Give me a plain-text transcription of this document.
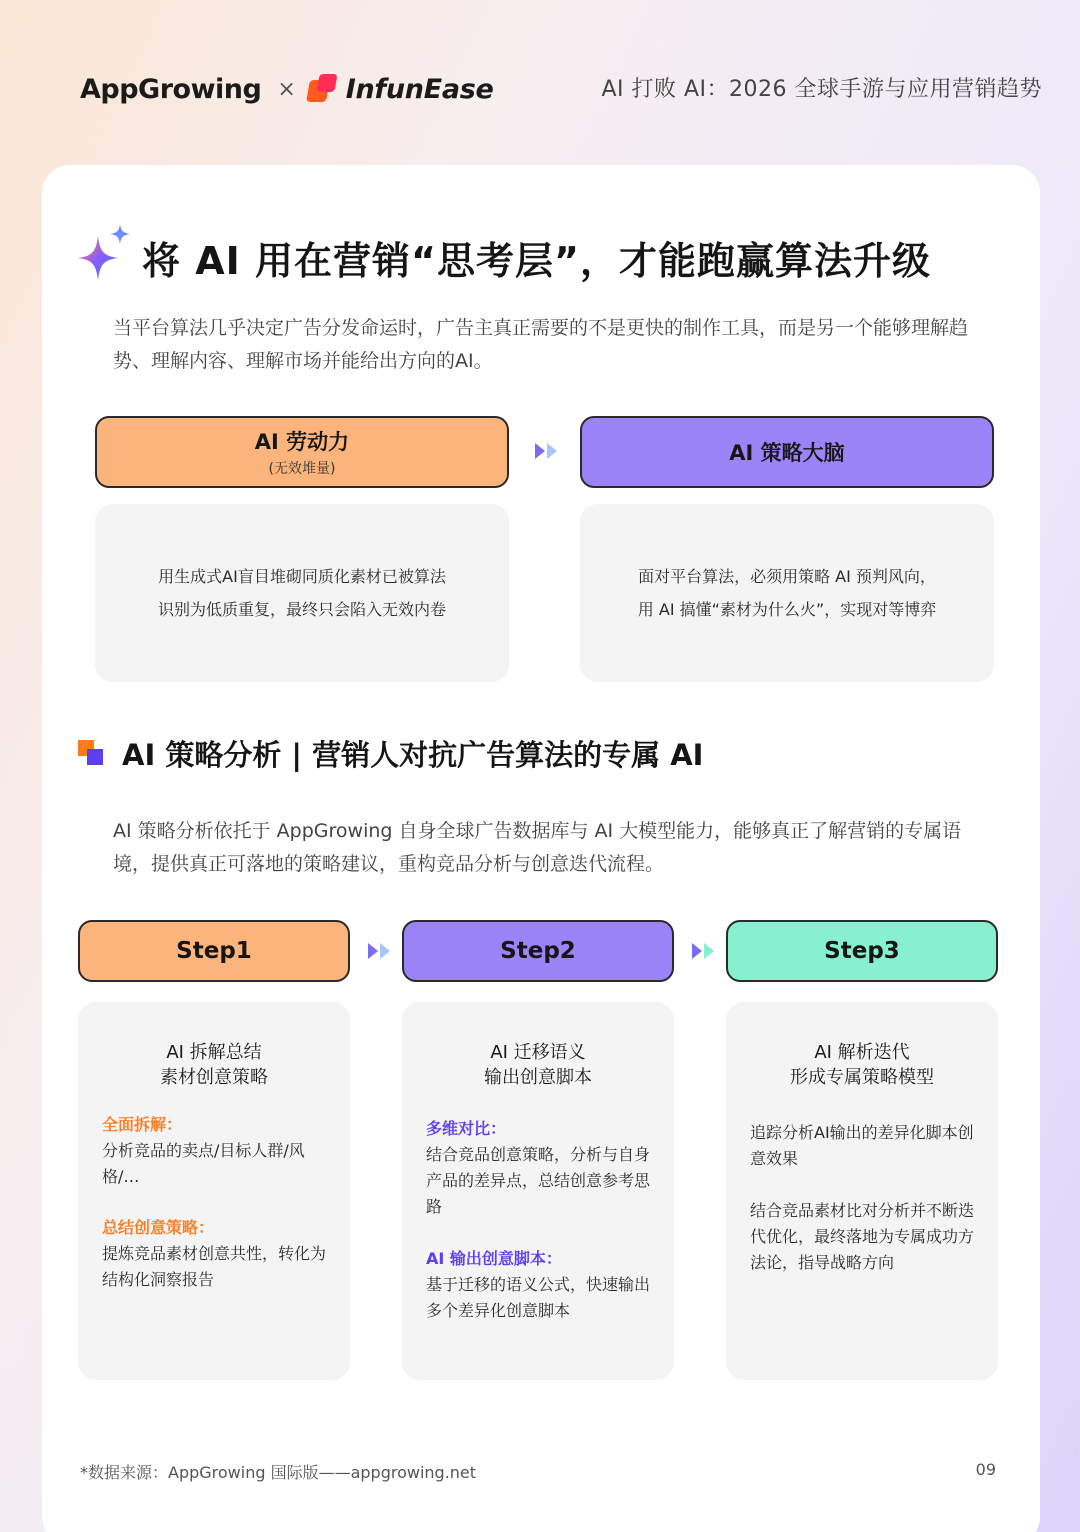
AppGrowing × InfunEase	AI 打败 AI：2026 全球手游与应用营销趋势
将 AI 用在营销“思考层”，才能跑赢算法升级
当平台算法几乎决定广告分发命运时，广告主真正需要的不是更快的制作工具，而是另一个能够理解趋势、理解内容、理解市场并能给出方向的AI。
AI 劳动力
(无效堆量)
AI 策略大脑
用生成式AI盲目堆砌同质化素材已被算法
识别为低质重复，最终只会陷入无效内卷
面对平台算法，必须用策略 AI 预判风向，
用 AI 搞懂“素材为什么火”，实现对等博弈
AI 策略分析 | 营销人对抗广告算法的专属 AI
AI 策略分析依托于 AppGrowing 自身全球广告数据库与 AI 大模型能力，能够真正了解营销的专属语境，提供真正可落地的策略建议，重构竞品分析与创意迭代流程。
Step1	Step2	Step3
AI 拆解总结
素材创意策略
全面拆解：
分析竞品的卖点/目标人群/风格/…
总结创意策略：
提炼竞品素材创意共性，转化为结构化洞察报告
AI 迁移语义
输出创意脚本
多维对比：
结合竞品创意策略，分析与自身产品的差异点，总结创意参考思路
AI 输出创意脚本：
基于迁移的语义公式，快速输出多个差异化创意脚本
AI 解析迭代
形成专属策略模型
追踪分析AI输出的差异化脚本创意效果
结合竞品素材比对分析并不断迭代优化，最终落地为专属成功方法论，指导战略方向
*数据来源：AppGrowing 国际版——appgrowing.net	09
